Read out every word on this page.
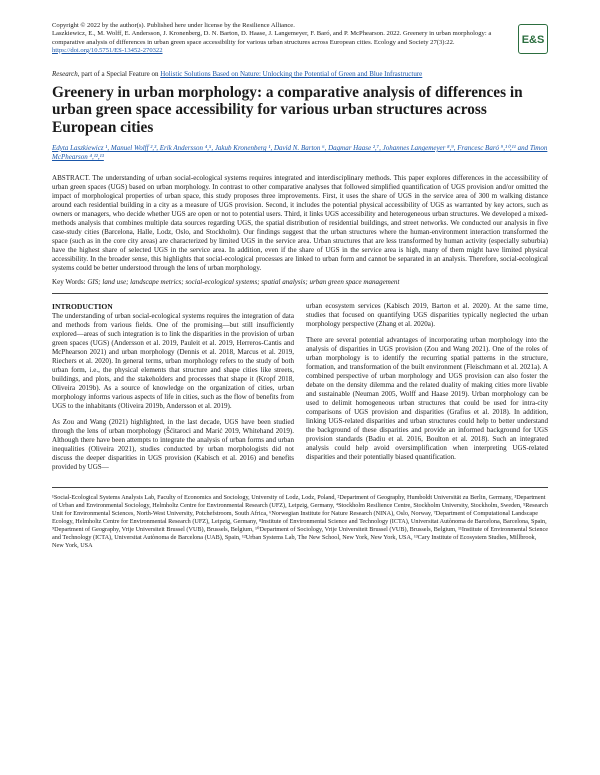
Copyright © 2022 by the author(s). Published here under license by the Resilience Alliance.
Laszkiewicz, E., M. Wolff, E. Andersson, J. Kronenberg, D. N. Barton, D. Haase, J. Langemeyer, F. Baró, and P. McPhearson. 2022. Greenery in urban morphology: a comparative analysis of differences in urban green space accessibility for various urban structures across European cities. Ecology and Society 27(3):22. https://doi.org/10.5751/ES-13452-270322
E&S
Research, part of a Special Feature on Holistic Solutions Based on Nature: Unlocking the Potential of Green and Blue Infrastructure
Greenery in urban morphology: a comparative analysis of differences in urban green space accessibility for various urban structures across European cities
Edyta Laszkiewicz ¹, Manuel Wolff ²,³, Erik Andersson ⁴,⁵, Jakub Kronenberg ¹, David N. Barton ⁶, Dagmar Haase ²,⁷, Johannes Langemeyer ⁸,⁹, Francesc Baró ⁹,¹⁰,¹¹ and Timon McPhearson ⁴,¹²,¹³
ABSTRACT. The understanding of urban social-ecological systems requires integrated and interdisciplinary methods. This paper explores differences in the accessibility of urban green spaces (UGS) based on urban morphology. In contrast to other comparative analyses that followed simplified quantification of UGS provision and/or omitted the impact of morphological properties of urban space, this study proposes three improvements. First, it uses the share of UGS in the service area of 300 m walking distance around each residential building in a city as a measure of UGS provision. Second, it includes the potential physical accessibility of UGS as warranted by key actors, such as owners or managers, who decide whether UGS are open or not to potential users. Third, it links UGS accessibility and heterogeneous urban structures. We developed a mixed-methods analysis that combines multiple data sources regarding UGS, the spatial distribution of residential buildings, and street networks. We conducted our analysis in five case-study cities (Barcelona, Halle, Lodz, Oslo, and Stockholm). Our findings suggest that the urban structures where the human-environment interaction transformed the space (such as in the core city areas) are characterized by limited UGS in the service area. Urban structures that are less transformed by human activity (especially suburbia) have the highest share of selected UGS in the service area. In addition, even if the share of UGS in the service area is high, many of them might have limited physical accessibility. In the broader sense, this highlights that social-ecological processes are linked to urban form and cannot be separated in an analysis. Therefore, social-ecological systems could be better understood through the lens of urban morphology.
Key Words: GIS; land use; landscape metrics; social-ecological systems; spatial analysis; urban green space management
INTRODUCTION

The understanding of urban social-ecological systems requires the integration of data and methods from various fields. One of the promising—but still insufficiently explored—areas of such integration is to link the disparities in the provision of urban green spaces (UGS) (Andersson et al. 2019, Pauleit et al. 2019, Herreros-Cantis and McPhearson 2021) and urban morphology (Dennis et al. 2018, Marcus et al. 2019, Riechers et al. 2020). In general terms, urban morphology refers to the study of both urban form, i.e., the physical elements that structure and shape cities like streets, buildings, and plots, and the stakeholders and processes that shape it (Kropf 2018, Oliveira 2019b). As a source of knowledge on the organization of cities, urban morphology informs various aspects of life in cities, such as the flow of benefits from UGS to the inhabitants (Oliveira 2019b, Andersson et al. 2019).

As Zou and Wang (2021) highlighted, in the last decade, UGS have been studied through the lens of urban morphology (Šćitaroci and Marić 2019, Whitehand 2019). Although there have been attempts to integrate the analysis of urban forms and urban inequalities (Oliveira 2021), studies conducted by urban morphologists did not discuss the deeper disparities in UGS provision (Kabisch et al. 2016) and benefits provided by UGS—

urban ecosystem services (Kabisch 2019, Barton et al. 2020). At the same time, studies that focused on quantifying UGS disparities typically neglected the urban morphology perspective (Zhang et al. 2020a).

There are several potential advantages of incorporating urban morphology into the analysis of disparities in UGS provision (Zou and Wang 2021). One of the roles of urban morphology is to identify the recurring spatial patterns in the structure, formation, and transformation of the built environment (Fleischmann et al. 2021a). A combined perspective of urban morphology and UGS provision can also foster the debate on the density dilemma and the related duality of making cities more livable and sustainable (Neuman 2005, Wolff and Haase 2019). Urban morphology can be used to delimit homogeneous urban structures that could be used for intra-city comparisons of UGS provision and disparities (Grafius et al. 2018). In addition, linking UGS-related disparities and urban structures could help to better understand the background of these disparities and provide an informed background for UGS provision standards (Badiu et al. 2016, Boulton et al. 2018). Such an integrated analysis could help avoid oversimplification when interpreting UGS-related disparities and their potentially biased quantification.

¹Social-Ecological Systems Analysis Lab, Faculty of Economics and Sociology, University of Lodz, Lodz, Poland, ²Department of Geography, Humboldt Universität zu Berlin, Germany, ³Department of Urban and Environmental Sociology, Helmholtz Centre for Environmental Research (UFZ), Leipzig, Germany, ⁴Stockholm Resilience Centre, Stockholm University, Stockholm, Sweden, ⁵Research Unit for Environmental Sciences, North-West University, Potchefstroom, South Africa, ⁶Norwegian Institute for Nature Research (NINA), Oslo, Norway, ⁷Department of Computational Landscape Ecology, Helmholtz Centre for Environmental Research (UFZ), Leipzig, Germany, ⁸Institute of Environmental Science and Technology (ICTA), Universitat Autònoma de Barcelona, Barcelona, Spain, ⁹Department of Geography, Vrije Universiteit Brussel (VUB), Brussels, Belgium, ¹⁰Department of Sociology, Vrije Universiteit Brussel (VUB), Brussels, Belgium, ¹¹Institute of Environmental Science and Technology (ICTA), Universitat Autònoma de Barcelona (UAB), Spain, ¹²Urban Systems Lab, The New School, New York, New York, USA, ¹³Cary Institute of Ecosystem Studies, Millbrook, New York, USA
